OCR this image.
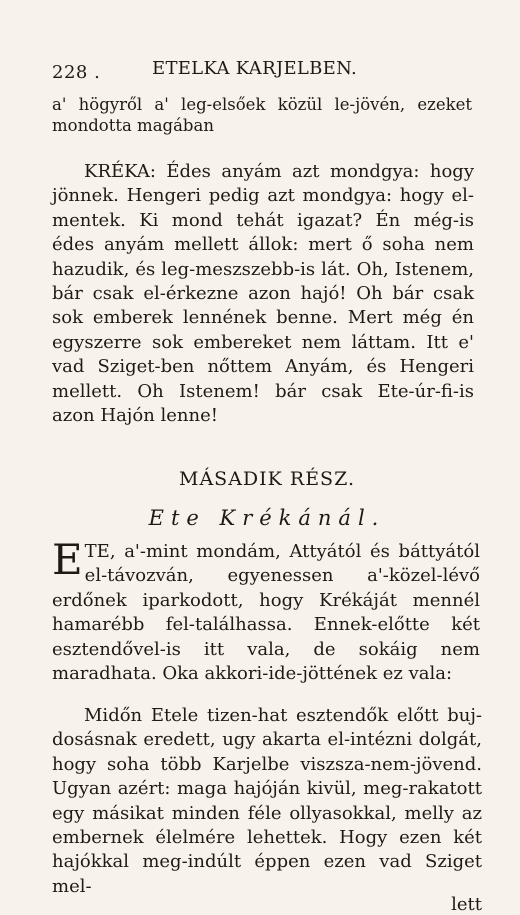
228 .	ETELKA KARJELBEN.
a' högyről a' leg-elsőek közül le-jövén, ezeket mondotta magában
KRÉKA: Édes anyám azt mondgya: hogy jönnek. Hengeri pedig azt mondgya: hogy el-mentek. Ki mond tehát igazat? Én még-is édes anyám mellett állok: mert ő soha nem hazudik, és leg-meszszebb-is lát. Oh, Istenem, bár csak el-érkezne azon hajó! Oh bár csak sok emberek lennének benne. Mert még én egyszerre sok embereket nem láttam. Itt e' vad Sziget-ben nőttem Anyám, és Hengeri mellett. Oh Istenem! bár csak Ete-úr-fi-is azon Hajón lenne!
MÁSADIK RÉSZ.
Ete Krékánál.
E TE, a'-mint mondám, Attyától és báttyától el-távozván, egyenessen a'-közel-lévő erdőnek iparkodott, hogy Krékáját mennél hamarébb fel-találhassa. Ennek-előtte két esztendővel-is itt vala, de sokáig nem maradhata. Oka akkori-ide-jöttének ez vala:
Midőn Etele tizen-hat esztendők előtt buj-dosásnak eredett, ugy akarta el-intézni dolgát, hogy soha több Karjelbe viszsza-nem-jövend. Ugyan azért: maga hajóján kivül, meg-rakatott egy másikat minden féle ollyasokkal, melly az embernek élelmére lehettek. Hogy ezen két hajókkal meg-indúlt éppen ezen vad Sziget mel-
lett
